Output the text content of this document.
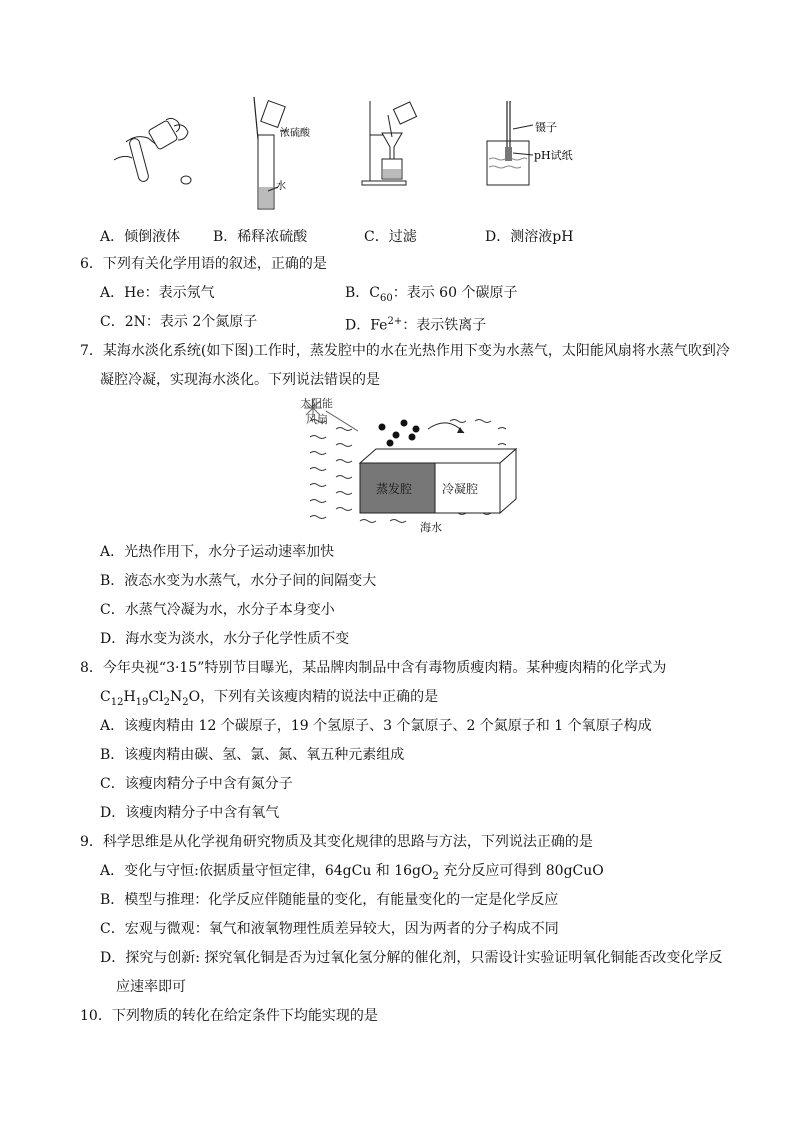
浓硫酸
水
镊子
pH试纸
A．倾倒液体 B．稀释浓硫酸	C．过滤	D．测溶液pH
6．下列有关化学用语的叙述，正确的是
A．He：表示氖气	B．$C_{60}$：表示 60 个碳原子
C．2N：表示 2个氮原子	D．$Fe^{2+}$：表示铁离子
7．某海水淡化系统(如下图)工作时，蒸发腔中的水在光热作用下变为水蒸气，太阳能风扇将水蒸气吹到冷
凝腔冷凝，实现海水淡化。下列说法错误的是
太阳能
风扇
蒸发腔 冷凝腔
海水
A．光热作用下，水分子运动速率加快
B．液态水变为水蒸气，水分子间的间隔变大
C．水蒸气冷凝为水，水分子本身变小
D．海水变为淡水，水分子化学性质不变
8．今年央视“3·15”特别节目曝光，某品牌肉制品中含有毒物质瘦肉精。某种瘦肉精的化学式为
$C_{12}H_{19}Cl_2N_2O$，下列有关该瘦肉精的说法中正确的是
A．该瘦肉精由 12 个碳原子，19 个氢原子、3 个氯原子、2 个氮原子和 1 个氧原子构成
B．该瘦肉精由碳、氢、氯、氮、氧五种元素组成
C．该瘦肉精分子中含有氮分子
D．该瘦肉精分子中含有氧气
9．科学思维是从化学视角研究物质及其变化规律的思路与方法，下列说法正确的是
A．变化与守恒:依据质量守恒定律，64gCu 和 $16gO_2$ 充分反应可得到 80gCuO
B．模型与推理：化学反应伴随能量的变化，有能量变化的一定是化学反应
C．宏观与微观：氧气和液氧物理性质差异较大，因为两者的分子构成不同
D．探究与创新: 探究氧化铜是否为过氧化氢分解的催化剂，只需设计实验证明氧化铜能否改变化学反
应速率即可
10．下列物质的转化在给定条件下均能实现的是
